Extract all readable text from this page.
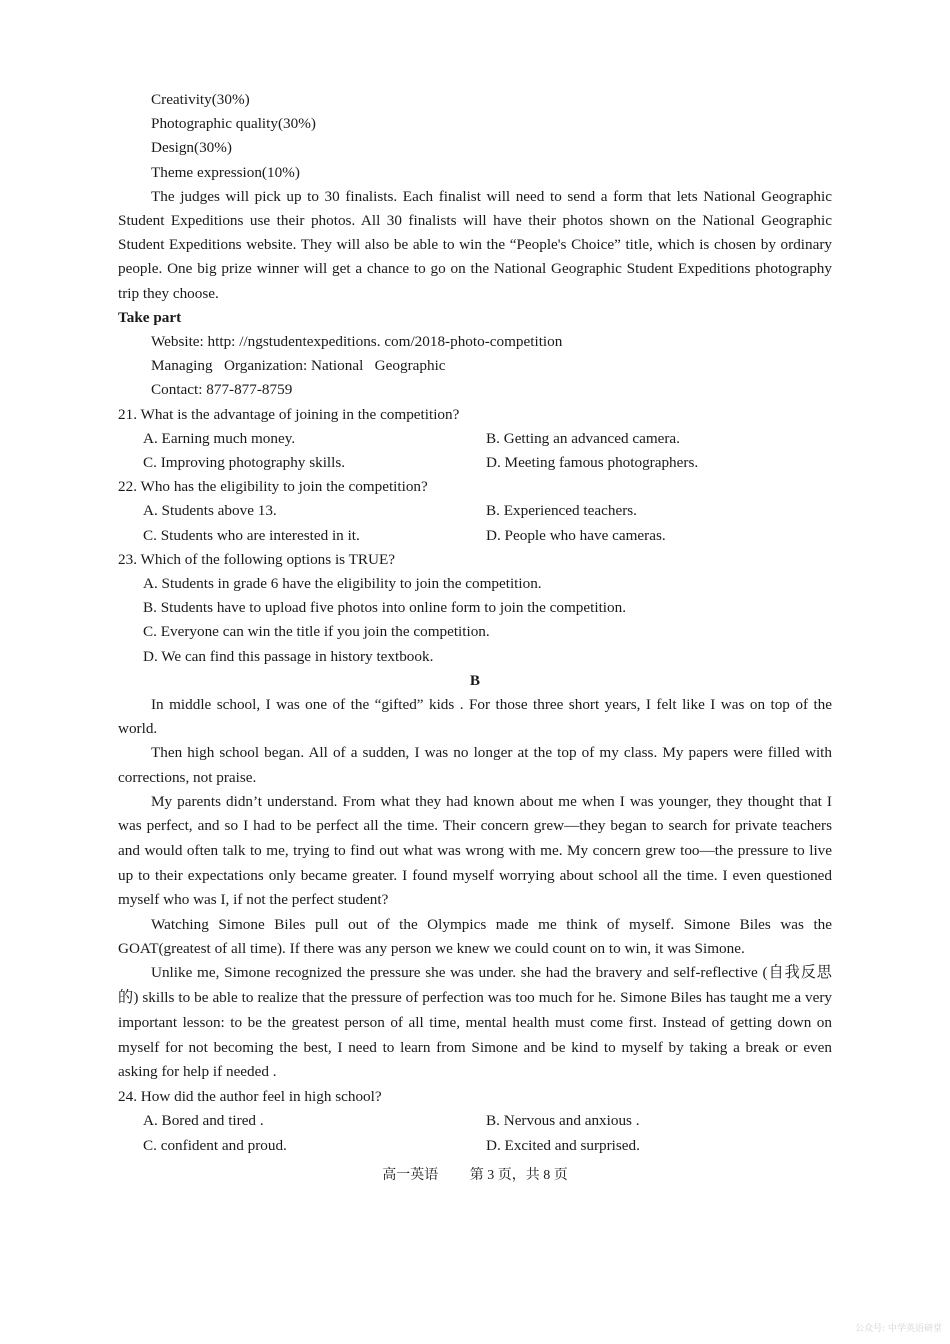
Creativity(30%)
Photographic quality(30%)
Design(30%)
Theme expression(10%)
The judges will pick up to 30 finalists. Each finalist will need to send a form that lets National Geographic Student Expeditions use their photos. All 30 finalists will have their photos shown on the National Geographic Student Expeditions website. They will also be able to win the “People's Choice” title, which is chosen by ordinary people. One big prize winner will get a chance to go on the National Geographic Student Expeditions photography trip they choose.
Take part
Website: http: //ngstudentexpeditions. com/2018-photo-competition
Managing   Organization: National   Geographic
Contact: 877-877-8759
21. What is the advantage of joining in the competition?
A. Earning much money.	B. Getting an advanced camera.
C. Improving photography skills.	D. Meeting famous photographers.
22. Who has the eligibility to join the competition?
A. Students above 13.	B. Experienced teachers.
C. Students who are interested in it.	D. People who have cameras.
23. Which of the following options is TRUE?
A. Students in grade 6 have the eligibility to join the competition.
B. Students have to upload five photos into online form to join the competition.
C. Everyone can win the title if you join the competition.
D. We can find this passage in history textbook.
B
In middle school, I was one of the “gifted” kids . For those three short years, I felt like I was on top of the world.
Then high school began. All of a sudden, I was no longer at the top of my class. My papers were filled with corrections, not praise.
My parents didn’t understand. From what they had known about me when I was younger, they thought that I was perfect, and so I had to be perfect all the time. Their concern grew—they began to search for private teachers and would often talk to me, trying to find out what was wrong with me. My concern grew too—the pressure to live up to their expectations only became greater. I found myself worrying about school all the time. I even questioned myself who was I, if not the perfect student?
Watching Simone Biles pull out of the Olympics made me think of myself. Simone Biles was the GOAT(greatest of all time). If there was any person we knew we could count on to win, it was Simone.
Unlike me, Simone recognized the pressure she was under. she had the bravery and self-reflective (自我反思的) skills to be able to realize that the pressure of perfection was too much for he. Simone Biles has taught me a very important lesson: to be the greatest person of all time, mental health must come first. Instead of getting down on myself for not becoming the best, I need to learn from Simone and be kind to myself by taking a break or even asking for help if needed .
24. How did the author feel in high school?
A. Bored and tired .	B. Nervous and anxious .
C. confident and proud.	D. Excited and surprised.
高一英语 第 3 页，共 8 页
公众号: 中学英语研堂
